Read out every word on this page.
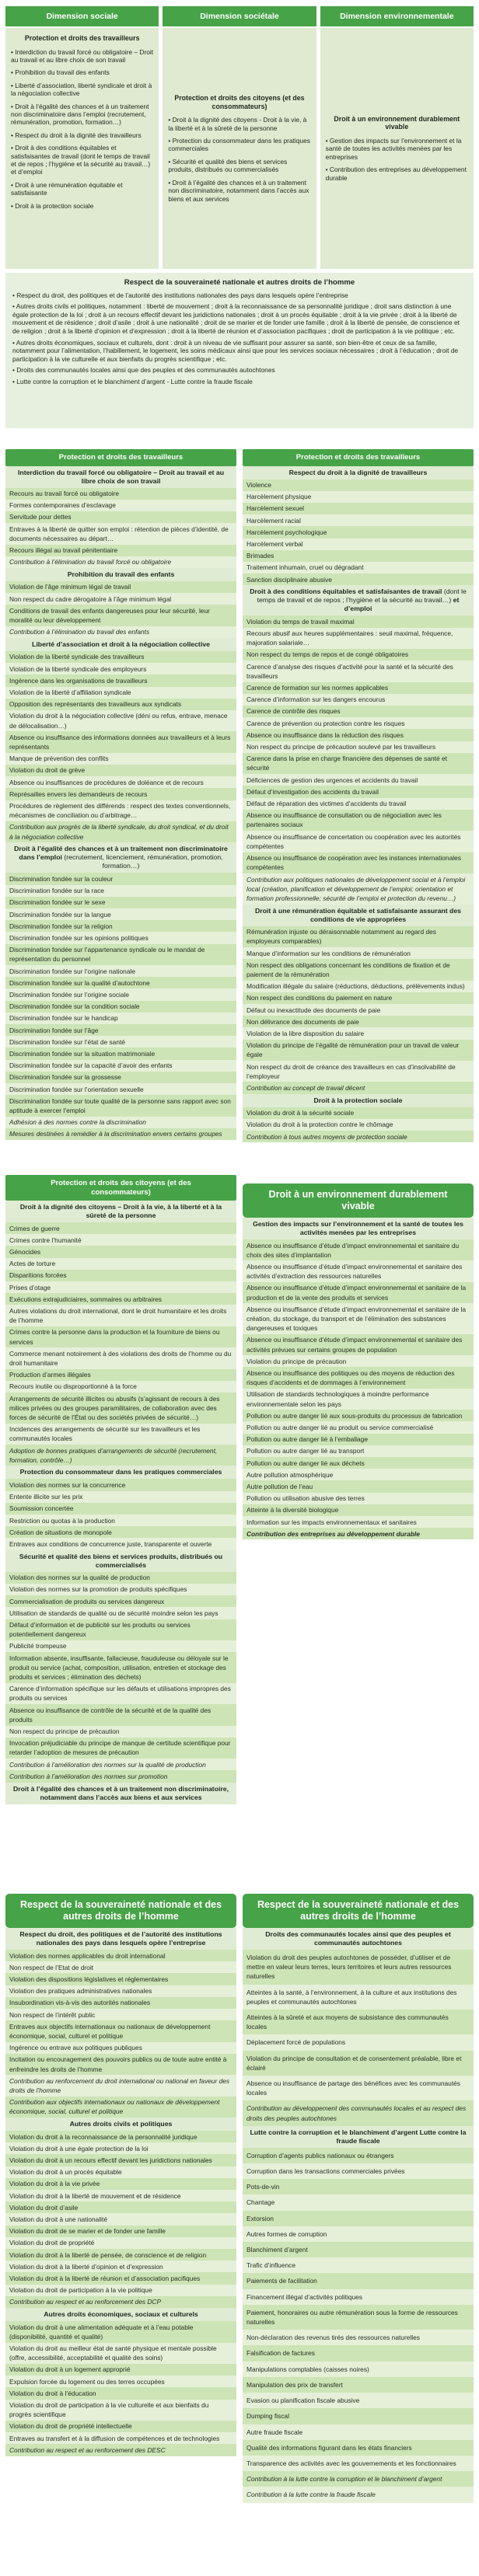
Dimension sociale
Protection et droits des travailleurs
• Interdiction du travail forcé ou obligatoire – Droit au travail et au libre choix de son travail
• Prohibition du travail des enfants
• Liberté d’association, liberté syndicale et droit à la négociation collective
• Droit à l’égalité des chances et à un traitement non discriminatoire dans l’emploi (recrutement, rémunération, promotion, formation…)
• Respect du droit à la dignité des travailleurs
• Droit à des conditions équitables et satisfaisantes de travail (dont le temps de travail et de repos ; l’hygiène et la sécurité au travail…) et d’emploi
• Droit à une rémunération équitable et satisfaisante
• Droit à la protection sociale
Dimension sociétale
Protection et droits des citoyens (et des consommateurs)
• Droit à la dignité des citoyens - Droit à la vie, à la liberté et à la sûreté de la personne
• Protection du consommateur dans les pratiques commerciales
• Sécurité et qualité des biens et services produits, distribués ou commercialisés
• Droit à l’égalité des chances et à un traitement non discriminatoire, notamment dans l’accès aux biens et aux services
Dimension environnementale
Droit à un environnement durablement vivable
• Gestion des impacts sur l’environnement et la santé de toutes les activités menées par les entreprises
• Contribution des entreprises au développement durable
Respect de la souveraineté nationale et autres droits de l’homme
• Respect du droit, des politiques et de l’autorité des institutions nationales des pays dans lesquels opère l’entreprise
• Autres droits civils et politiques, notamment : liberté de mouvement ; droit à la reconnaissance de sa personnalité juridique ; droit sans distinction à une égale protection de la loi ; droit à un recours effectif devant les juridictions nationales ; droit à un procès équitable ; droit à la vie privée ; droit à la liberté de mouvement et de résidence ; droit d’asile ; droit à une nationalité ; droit de se marier et de fonder une famille ; droit à la liberté de pensée, de conscience et de religion ; droit à la liberté d’opinion et d’expression ; droit à la liberté de réunion et d’association pacifiques ; droit de participation à la vie politique ; etc.
• Autres droits économiques, sociaux et culturels, dont : droit à un niveau de vie suffisant pour assurer sa santé, son bien-être et ceux de sa famille, notamment pour l’alimentation, l’habillement, le logement, les soins médicaux ainsi que pour les services sociaux nécessaires ; droit à l’éducation ; droit de participation à la vie culturelle et aux bienfaits du progrès scientifique ; etc.
• Droits des communautés locales ainsi que des peuples et des communautés autochtones
• Lutte contre la corruption et le blanchiment d’argent - Lutte contre la fraude fiscale
Protection et droits des travailleurs
Interdiction du travail forcé ou obligatoire – Droit au travail et au libre choix de son travail
Recours au travail forcé ou obligatoire
Formes contemporaines d’esclavage
Servitude pour dettes
Entraves à la liberté de quitter son emploi : rétention de pièces d’identité, de documents nécessaires au départ…
Recours illégal au travail pénitentiaire
Contribution à l’élimination du travail forcé ou obligatoire
Prohibition du travail des enfants
Violation de l’âge minimum légal de travail
Non respect du cadre dérogatoire à l’âge minimum légal
Conditions de travail des enfants dangereuses pour leur sécurité, leur moralité ou leur développement
Contribution à l’élimination du travail des enfants
Liberté d’association et droit à la négociation collective
Violation de la liberté syndicale des travailleurs
Violation de la liberté syndicale des employeurs
Ingérence dans les organisations de travailleurs
Violation de la liberté d’affiliation syndicale
Opposition des représentants des travailleurs aux syndicats
Violation du droit à la négociation collective (déni ou refus, entrave, menace de délocalisation…)
Absence ou insuffisance des informations données aux travailleurs et à leurs représentants
Manque de prévention des conflits
Violation du droit de grève
Absence ou insuffisances de procédures de doléance et de recours
Représailles envers les demandeurs de recours
Procédures de règlement des différends : respect des textes conventionnels, mécanismes de conciliation ou d’arbitrage…
Contribution aux progrès de la liberté syndicale, du droit syndical, et du droit à la négociation collective
Droit à l’égalité des chances et à un traitement non discriminatoire dans l’emploi (recrutement, licenciement, rémunération, promotion, formation…)
Discrimination fondée sur la couleur
Discrimination fondée sur la race
Discrimination fondée sur le sexe
Discrimination fondée sur la langue
Discrimination fondée sur la religion
Discrimination fondée sur les opinions politiques
Discrimination fondée sur l’appartenance syndicale ou le mandat de représentation du personnel
Discrimination fondée sur l’origine nationale
Discrimination fondée sur la qualité d’autochtone
Discrimination fondée sur l’origine sociale
Discrimination fondée sur la condition sociale
Discrimination fondée sur le handicap
Discrimination fondée sur l’âge
Discrimination fondée sur l’état de santé
Discrimination fondée sur la situation matrimoniale
Discrimination fondée sur la capacité d’avoir des enfants
Discrimination fondée sur la grossesse
Discrimination fondée sur l’orientation sexuelle
Discrimination fondée sur toute qualité de la personne sans rapport avec son aptitude à exercer l’emploi
Adhésion à des normes contre la discrimination
Mesures destinées à remédier à la discrimination envers certains groupes
Protection et droits des citoyens (et des consommateurs)
Droit à la dignité des citoyens – Droit à la vie, à la liberté et à la sûreté de la personne
Crimes de guerre
Crimes contre l’humanité
Génocides
Actes de torture
Disparitions forcées
Prises d’otage
Exécutions extrajudiciaires, sommaires ou arbitraires
Autres violations du droit international, dont le droit humanitaire et les droits de l’homme
Crimes contre la personne dans la production et la fourniture de biens ou services
Commerce menant notoirement à des violations des droits de l’homme ou du droit humanitaire
Production d’armes illégales
Recours inutile ou disproportionné à la force
Arrangements de sécurité illicites ou abusifs (s’agissant de recours à des milices privées ou des groupes paramilitaires, de collaboration avec des forces de sécurité de l’État ou des sociétés privées de sécurité…)
Incidences des arrangements de sécurité sur les travailleurs et les communautés locales
Adoption de bonnes pratiques d’arrangements de sécurité (recrutement, formation, contrôle…)
Protection du consommateur dans les pratiques commerciales
Violation des normes sur la concurrence
Entente illicite sur les prix
Soumission concertée
Restriction ou quotas à la production
Création de situations de monopole
Entraves aux conditions de concurrence juste, transparente et ouverte
Sécurité et qualité des biens et services produits, distribués ou commercialisés
Violation des normes sur la qualité de production
Violation des normes sur la promotion de produits spécifiques
Commercialisation de produits ou services dangereux
Utilisation de standards de qualité ou de sécurité moindre selon les pays
Défaut d’information et de publicité sur les produits ou services potentiellement dangereux
Publicité trompeuse
Information absente, insuffisante, fallacieuse, frauduleuse ou déloyale sur le produit ou service (achat, composition, utilisation, entretien et stockage des produits et services ; élimination des déchets)
Carence d’information spécifique sur les défauts et utilisations impropres des produits ou services
Absence ou insuffisance de contrôle de la sécurité et de la qualité des produits
Non respect du principe de précaution
Invocation préjudiciable du principe de manque de certitude scientifique pour retarder l’adoption de mesures de précaution
Contribution à l’amélioration des normes sur la qualité de production
Contribution à l’amélioration des normes sur promotion
Droit à l’égalité des chances et à un traitement non discriminatoire, notamment dans l’accès aux biens et aux services
Respect de la souveraineté nationale et des autres droits de l’homme
Respect du droit, des politiques et de l’autorité des institutions nationales des pays dans lesquels opère l’entreprise
Violation des normes applicables du droit international
Non respect de l’Etat de droit
Violation des dispositions législatives et réglementaires
Violation des pratiques administratives nationales
Insubordination vis-à-vis des autorités nationales
Non respect de l’intérêt public
Entraves aux objectifs internationaux ou nationaux de développement économique, social, culturel et politique
Ingérence ou entrave aux politiques publiques
Incitation ou encouragement des pouvoirs publics ou de toute autre entité à enfreindre les droits de l’homme
Contribution au renforcement du droit international ou national en faveur des droits de l’homme
Contribution aux objectifs internationaux ou nationaux de développement économique, social, culturel et politique
Autres droits civils et politiques
Violation du droit à la reconnaissance de la personnalité juridique
Violation du droit à une égale protection de la loi
Violation du droit à un recours effectif devant les juridictions nationales
Violation du droit à un procès équitable
Violation du droit à la vie privée
Violation du droit à la liberté de mouvement et de résidence
Violation du droit d’asile
Violation du droit à une nationalité
Violation du droit de se marier et de fonder une famille
Violation du droit de propriété
Violation du droit à la liberté de pensée, de conscience et de religion
Violation du droit à la liberté d’opinion et d’expression
Violation du droit à la liberté de réunion et d’association pacifiques
Violation du droit de participation à la vie politique
Contribution au respect et au renforcement des DCP
Autres droits économiques, sociaux et culturels
Violation du droit à une alimentation adéquate et à l’eau potable (disponibilité, quantité et qualité)
Violation du droit au meilleur état de santé physique et mentale possible (offre, accessibilité, acceptabilité et qualité des soins)
Violation du droit à un logement approprié
Expulsion forcée du logement ou des terres occupées
Violation du droit à l’éducation
Violation du droit de participation à la vie culturelle et aux bienfaits du progrès scientifique
Violation du droit de propriété intellectuelle
Entraves au transfert et à la diffusion de compétences et de technologies
Contribution au respect et au renforcement des DESC
Protection et droits des travailleurs
Respect du droit à la dignité de travailleurs
Violence
Harcèlement physique
Harcèlement sexuel
Harcèlement racial
Harcèlement psychologique
Harcèlement verbal
Brimades
Traitement inhumain, cruel ou dégradant
Sanction disciplinaire abusive
Droit à des conditions équitables et satisfaisantes de travail (dont le temps de travail et de repos ; l’hygiène et la sécurité au travail…) et d’emploi
Violation du temps de travail maximal
Recours abusif aux heures supplémentaires : seuil maximal, fréquence, majoration salariale…
Non respect du temps de repos et de congé obligatoires
Carence d’analyse des risques d’activité pour la santé et la sécurité des travailleurs
Carence de formation sur les normes applicables
Carence d’information sur les dangers encourus
Carence de contrôle des risques
Carence de prévention ou protection contre les risques
Absence ou insuffisance dans la réduction des risques
Non respect du principe de précaution soulevé par les travailleurs
Carence dans la prise en charge financière des dépenses de santé et sécurité
Déficiences de gestion des urgences et accidents du travail
Défaut d’investigation des accidents du travail
Défaut de réparation des victimes d’accidents du travail
Absence ou insuffisance de consultation ou de négociation avec les partenaires sociaux
Absence ou insuffisance de concertation ou coopération avec les autorités compétentes
Absence ou insuffisance de coopération avec les instances internationales compétentes
Contribution aux politiques nationales de développement social et à l’emploi local (création, planification et développement de l’emploi; orientation et formation professionnelle; sécurité de l’emploi et protection du revenu…)
Droit à une rémunération équitable et satisfaisante assurant des conditions de vie appropriées
Rémunération injuste ou déraisonnable notamment au regard des employeurs comparables)
Manque d’information sur les conditions de rémunération
Non respect des obligations concernant les conditions de fixation et de paiement de la rémunération
Modification illégale du salaire (réductions, déductions, prélèvements indus)
Non respect des conditions du paiement en nature
Défaut ou inexactitude des documents de paie
Non délivrance des documents de paie
Violation de la libre disposition du salaire
Violation du principe de l’égalité de rémunération pour un travail de valeur égale
Non respect du droit de créance des travailleurs en cas d’insolvabilité de l’employeur
Contribution au concept de travail décent
Droit à la protection sociale
Violation du droit à la sécurité sociale
Violation du droit à la protection contre le chômage
Contribution à tous autres moyens de protection sociale
Droit à un environnement durablement vivable
Gestion des impacts sur l’environnement et la santé de toutes les activités menées par les entreprises
Absence ou insuffisance d’étude d’impact environnemental et sanitaire du choix des sites d’implantation
Absence ou insuffisance d’étude d’impact environnemental et sanitaire des activités d’extraction des ressources naturelles
Absence ou insuffisance d’étude d’impact environnemental et sanitaire de la production et de la vente des produits et services
Absence ou insuffisance d’étude d’impact environnemental et sanitaire de la création, du stockage, du transport et de l’élimination des substances dangereuses et toxiques
Absence ou insuffisance d’étude d’impact environnemental et sanitaire des activités prévues sur certains groupes de population
Violation du principe de précaution
Absence ou insuffisance des politiques ou des moyens de réduction des risques d’accidents et de dommages à l’environnement
Utilisation de standards technologiques à moindre performance environnementale selon les pays
Pollution ou autre danger lié aux sous-produits du processus de fabrication
Pollution ou autre danger lié au produit ou service commercialisé
Pollution ou autre danger lié à l’emballage
Pollution ou autre danger lié au transport
Pollution ou autre danger lié aux déchets
Autre pollution atmosphérique
Autre pollution de l’eau
Pollution ou utilisation abusive des terres
Atteinte à la diversité biologique
Information sur les impacts environnementaux et sanitaires
Contribution des entreprises au développement durable
Respect de la souveraineté nationale et des autres droits de l’homme
Droits des communautés locales ainsi que des peuples et communautés autochtones
Violation du droit des peuples autochtones de posséder, d’utiliser et de mettre en valeur leurs terres, leurs territoires et leurs autres ressources naturelles
Atteintes à la santé, à l’environnement, à la culture et aux institutions des peuples et communautés autochtones
Atteintes à la sûreté et aux moyens de subsistance des communautés locales
Déplacement forcé de populations
Violation du principe de consultation et de consentement préalable, libre et éclairé
Absence ou insuffisance de partage des bénéfices avec les communautés locales
Contribution au développement des communautés locales et au respect des droits des peuples autochtones
Lutte contre la corruption et le blanchiment d’argent Lutte contre la fraude fiscale
Corruption d’agents publics nationaux ou étrangers
Corruption dans les transactions commerciales privées
Pots-de-vin
Chantage
Extorsion
Autres formes de corruption
Blanchiment d’argent
Trafic d’influence
Paiements de facilitation
Financement illégal d’activités politiques
Paiement, honoraires ou autre rémunération sous la forme de ressources naturelles
Non-déclaration des revenus tirés des ressources naturelles
Falsification de factures
Manipulations comptables (caisses noires)
Manipulation des prix de transfert
Evasion ou planification fiscale abusive
Dumping fiscal
Autre fraude fiscale
Qualité des informations figurant dans les états financiers
Transparence des activités avec les gouvernements et les fonctionnaires
Contribution à la lutte contre la corruption et le blanchiment d’argent
Contribution à la lutte contre la fraude fiscale
